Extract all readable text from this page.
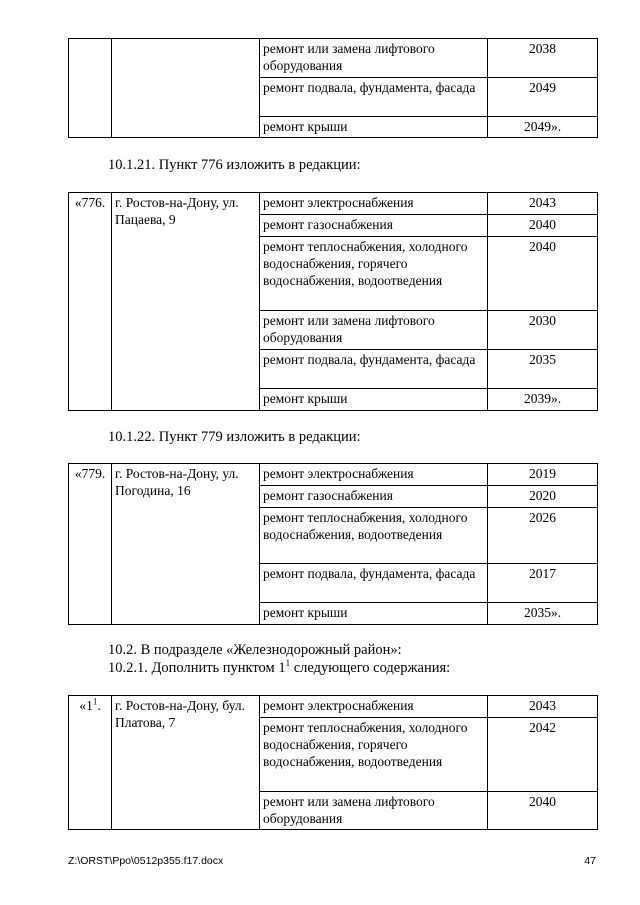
		ремонт или замена лифтового оборудования	2038
		ремонт подвала, фундамента, фасада	2049
		ремонт крыши	2049».
10.1.21. Пункт 776 изложить в редакции:
«776.	г. Ростов-на-Дону, ул. Пацаева, 9	ремонт электроснабжения	2043
		ремонт газоснабжения	2040
		ремонт теплоснабжения, холодного водоснабжения, горячего водоснабжения, водоотведения	2040
		ремонт или замена лифтового оборудования	2030
		ремонт подвала, фундамента, фасада	2035
		ремонт крыши	2039».
10.1.22. Пункт 779 изложить в редакции:
«779.	г. Ростов-на-Дону, ул. Погодина, 16	ремонт электроснабжения	2019
		ремонт газоснабжения	2020
		ремонт теплоснабжения, холодного водоснабжения, водоотведения	2026
		ремонт подвала, фундамента, фасада	2017
		ремонт крыши	2035».
10.2. В подразделе «Железнодорожный район»:
10.2.1. Дополнить пунктом $1^1$ следующего содержания:
«$1^1$.	г. Ростов-на-Дону, бул. Платова, 7	ремонт электроснабжения	2043
		ремонт теплоснабжения, холодного водоснабжения, горячего водоснабжения, водоотведения	2042
		ремонт или замена лифтового оборудования	2040
Z:\ORST\Ppo\0512p355.f17.docx	47
